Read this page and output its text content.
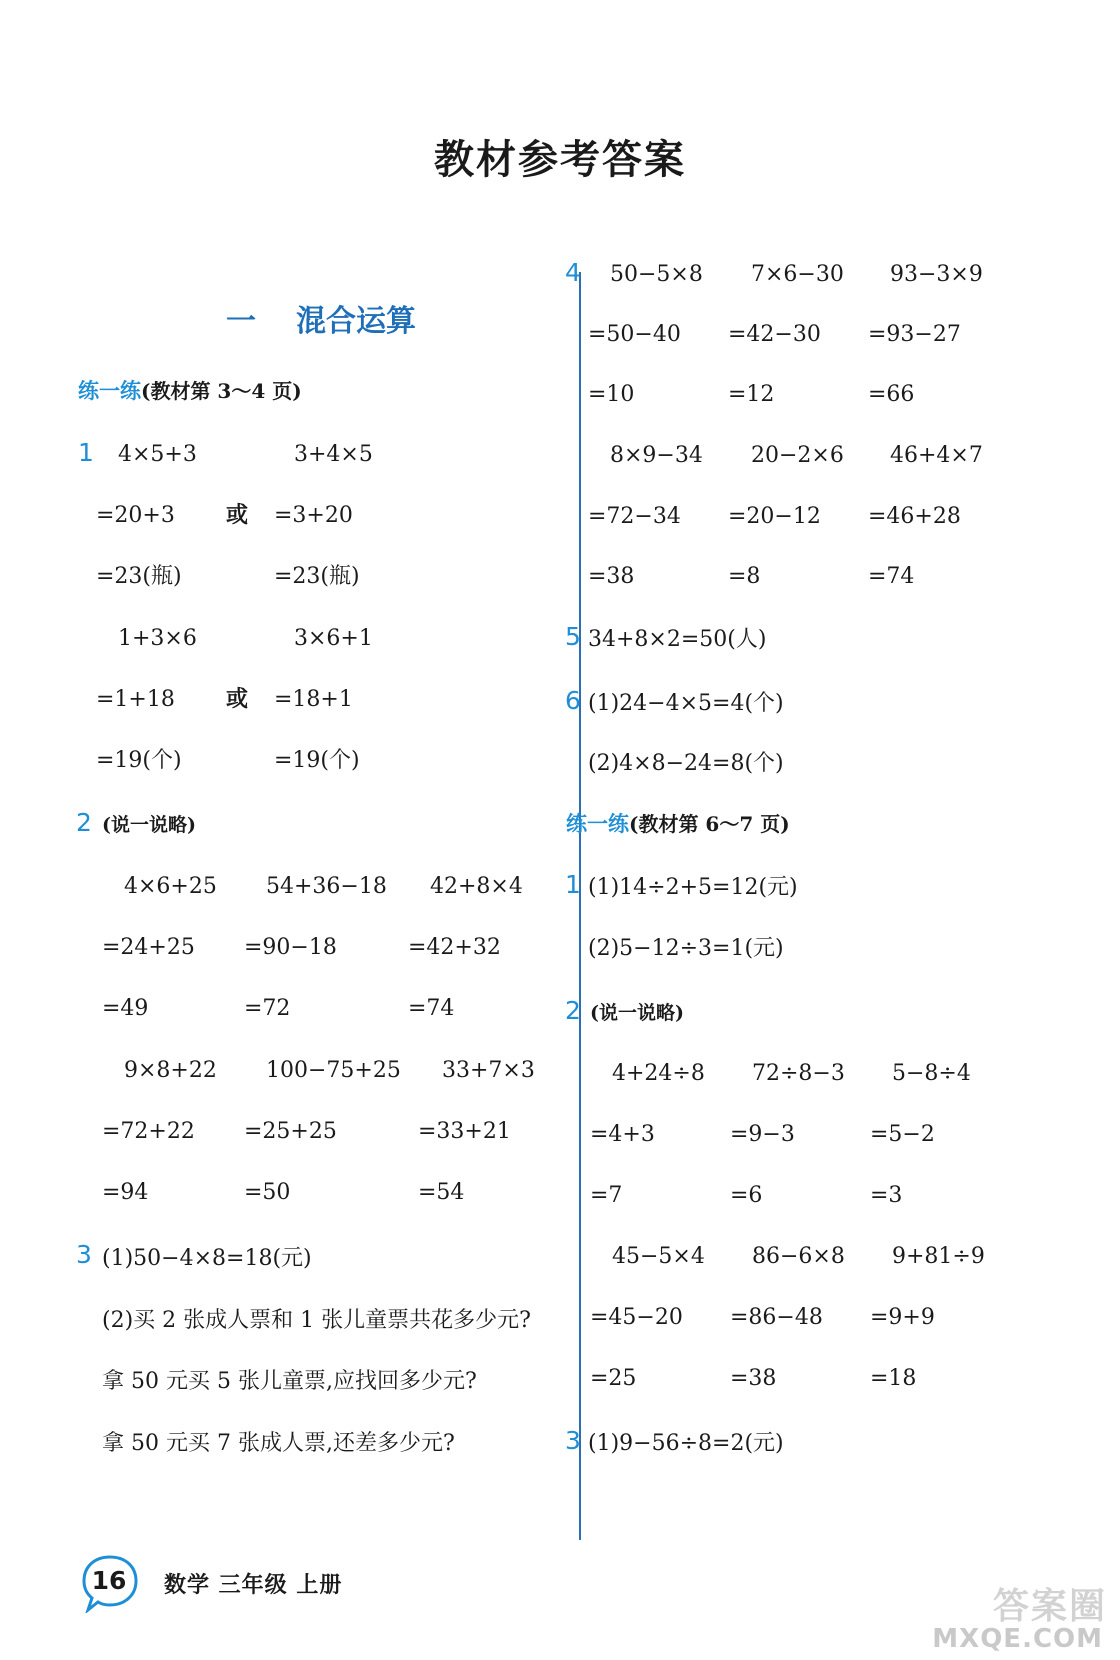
教材参考答案
一 混合运算
练一练(教材第 3～4 页)
1 4×5+3	3+4×5
=20+3 或 =3+20
=23(瓶)	=23(瓶)
1+3×6	3×6+1
=1+18 或 =18+1
=19(个)	=19(个)
2 (说一说略)
4×6+25 54+36−18 42+8×4
=24+25 =90−18	=42+32
=49	=72	=74
9×8+22 100−75+25 33+7×3
=72+22 =25+25	=33+21
=94	=50	=54
3 (1)50−4×8=18(元)
(2)买 2 张成人票和 1 张儿童票共花多少元?
拿 50 元买 5 张儿童票,应找回多少元?
拿 50 元买 7 张成人票,还差多少元?
4 50−5×8 7×6−30 93−3×9
=50−40 =42−30 =93−27
=10	=12	=66
8×9−34 20−2×6 46+4×7
=72−34 =20−12 =46+28
=38	=8	=74
5 34+8×2=50(人)
6 (1)24−4×5=4(个)
(2)4×8−24=8(个)
练一练(教材第 6～7 页)
1 (1)14÷2+5=12(元)
(2)5−12÷3=1(元)
2 (说一说略)
4+24÷8 72÷8−3 5−8÷4
=4+3	=9−3	=5−2
=7	=6	=3
45−5×4 86−6×8 9+81÷9
=45−20 =86−48 =9+9
=25	=38	=18
3 (1)9−56÷8=2(元)
16	数学 三年级 上册
答案圈
MXQE.COM
